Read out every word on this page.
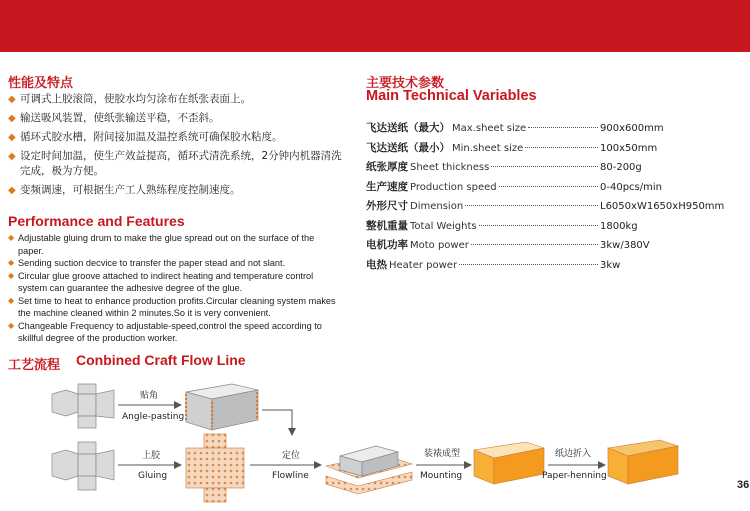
性能及特点
◆ 可调式上胶滚筒，使胶水均匀涂布在纸张表面上。
◆ 输送吸风装置，使纸张输送平稳，不歪斜。
◆ 循环式胶水槽，附间接加温及温控系统可确保胶水粘度。
◆ 设定时间加温，使生产效益提高，循环式清洗系统，2分钟内机器清洗完成，极为方便。
◆ 变频调速，可根据生产工人熟练程度控制速度。
Performance and Features
◆ Adjustable gluing drum to make the glue spread out on the surface of the paper.
◆ Sending suction decvice to transfer the paper stead and not slant.
◆ Circular glue groove attached to indirect heating and temperature control system can guarantee the adhesive degree of the glue.
◆ Set time to heat to enhance production profits.Circular cleaning system makes the machine cleaned within 2 minutes.So it is very convenient.
◆ Changeable Frequency to adjustable-speed,control the speed according to skillful degree of the production worker.
主要技术参数
Main Technical Variables
飞达送纸（最大） Max.sheet size	900x600mm
飞达送纸（最小） Min.sheet size	100x50mm
纸张厚度 Sheet thickness	80-200g
生产速度 Production speed	0-40pcs/min
外形尺寸 Dimension	L6050xW1650xH950mm
整机重量 Total Weights	1800kg
电机功率 Moto power	3kw/380V
电热 Heater power	3kw
工艺流程 Conbined Craft Flow Line
贴角
Angle-pasting
上胶
Gluing
定位
Flowline
装裱成型
Mounting
纸边折入
Paper-henning
36
